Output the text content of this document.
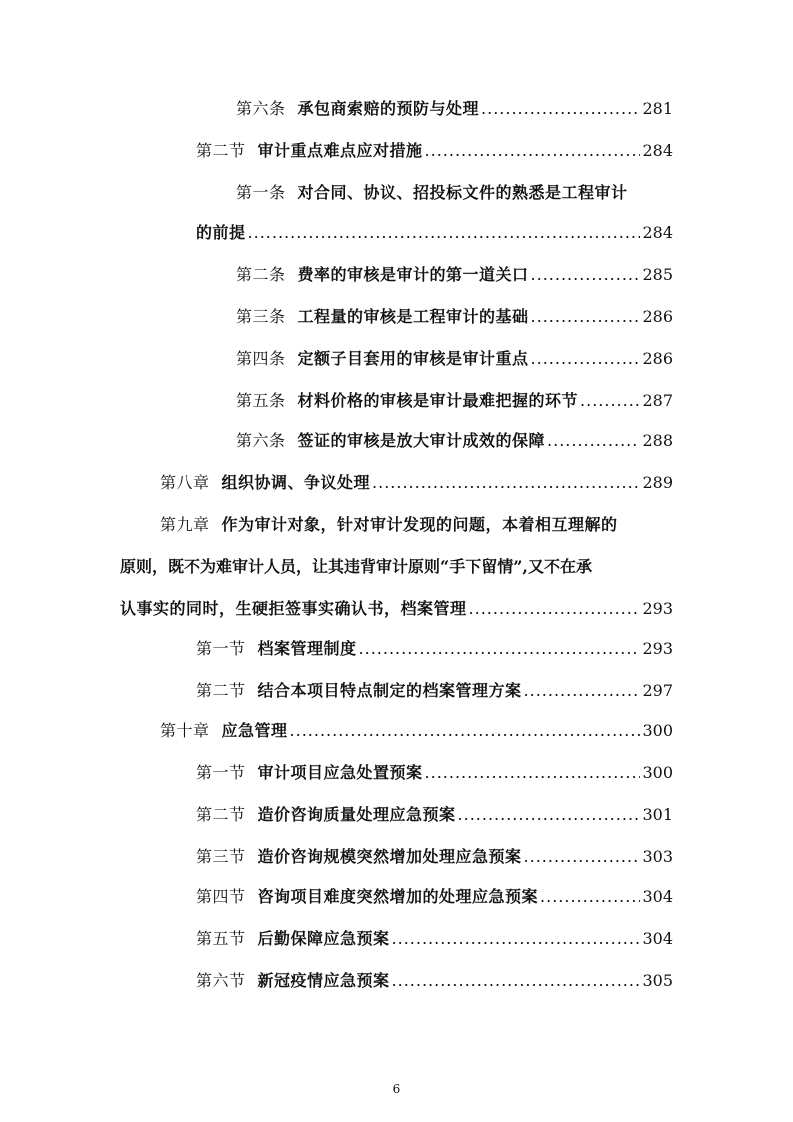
第六条 承包商索赔的预防与处理 .....	281
第二节 审计重点难点应对措施 .....	284
第一条 对合同、协议、招投标文件的熟悉是工程审计
的前提 .....	284
第二条 费率的审核是审计的第一道关口 .....	285
第三条 工程量的审核是工程审计的基础 .....	286
第四条 定额子目套用的审核是审计重点 .....	286
第五条 材料价格的审核是审计最难把握的环节 .....	287
第六条 签证的审核是放大审计成效的保障 .....	288
第八章 组织协调、争议处理 .....	289
第九章 作为审计对象，针对审计发现的问题，本着相互理解的
原则，既不为难审计人员，让其违背审计原则“手下留情”,又不在承
认事实的同时，生硬拒签事实确认书，档案管理 .....	293
第一节 档案管理制度 .....	293
第二节 结合本项目特点制定的档案管理方案 .....	297
第十章 应急管理 .....	300
第一节 审计项目应急处置预案 .....	300
第二节 造价咨询质量处理应急预案 .....	301
第三节 造价咨询规模突然增加处理应急预案 .....	303
第四节 咨询项目难度突然增加的处理应急预案 .....	304
第五节 后勤保障应急预案 .....	304
第六节 新冠疫情应急预案 .....	305
6
